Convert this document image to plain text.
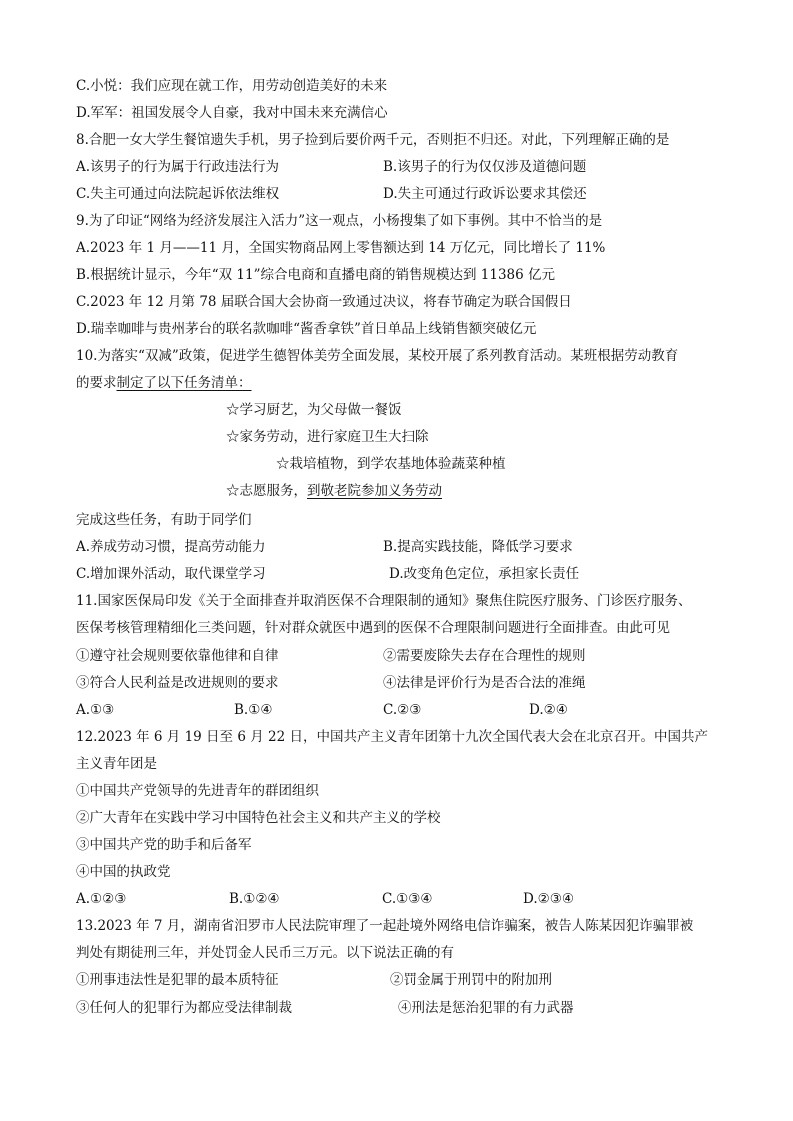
C.小悦：我们应现在就工作，用劳动创造美好的未来
D.军军：祖国发展令人自豪，我对中国未来充满信心
8.合肥一女大学生餐馆遗失手机，男子捡到后要价两千元，否则拒不归还。对此，下列理解正确的是
A.该男子的行为属于行政违法行为	B.该男子的行为仅仅涉及道德问题
C.失主可通过向法院起诉依法维权	D.失主可通过行政诉讼要求其偿还
9.为了印证“网络为经济发展注入活力”这一观点，小杨搜集了如下事例。其中不恰当的是
A.2023 年 1 月——11 月，全国实物商品网上零售额达到 14 万亿元，同比增长了 11%
B.根据统计显示，今年“双 11”综合电商和直播电商的销售规模达到 11386 亿元
C.2023 年 12 月第 78 届联合国大会协商一致通过决议，将春节确定为联合国假日
D.瑞幸咖啡与贵州茅台的联名款咖啡“酱香拿铁”首日单品上线销售额突破亿元
10.为落实“双减”政策，促进学生德智体美劳全面发展，某校开展了系列教育活动。某班根据劳动教育
的要求制定了以下任务清单：
☆学习厨艺，为父母做一餐饭
☆家务劳动，进行家庭卫生大扫除
☆栽培植物，到学农基地体验蔬菜种植
☆志愿服务，到敬老院参加义务劳动
完成这些任务，有助于同学们
A.养成劳动习惯，提高劳动能力	B.提高实践技能，降低学习要求
C.增加课外活动，取代课堂学习	D.改变角色定位，承担家长责任
11.国家医保局印发《关于全面排查并取消医保不合理限制的通知》聚焦住院医疗服务、门诊医疗服务、
医保考核管理精细化三类问题，针对群众就医中遇到的医保不合理限制问题进行全面排查。由此可见
①遵守社会规则要依靠他律和自律	②需要废除失去存在合理性的规则
③符合人民利益是改进规则的要求	④法律是评价行为是否合法的准绳
A.①③	B.①④	C.②③	D.②④
12.2023 年 6 月 19 日至 6 月 22 日，中国共产主义青年团第十九次全国代表大会在北京召开。中国共产
主义青年团是
①中国共产党领导的先进青年的群团组织
②广大青年在实践中学习中国特色社会主义和共产主义的学校
③中国共产党的助手和后备军
④中国的执政党
A.①②③	B.①②④	C.①③④	D.②③④
13.2023 年 7 月，湖南省汨罗市人民法院审理了一起赴境外网络电信诈骗案，被告人陈某因犯诈骗罪被
判处有期徒刑三年，并处罚金人民币三万元。以下说法正确的有
①刑事违法性是犯罪的最本质特征	②罚金属于刑罚中的附加刑
③任何人的犯罪行为都应受法律制裁	④刑法是惩治犯罪的有力武器
